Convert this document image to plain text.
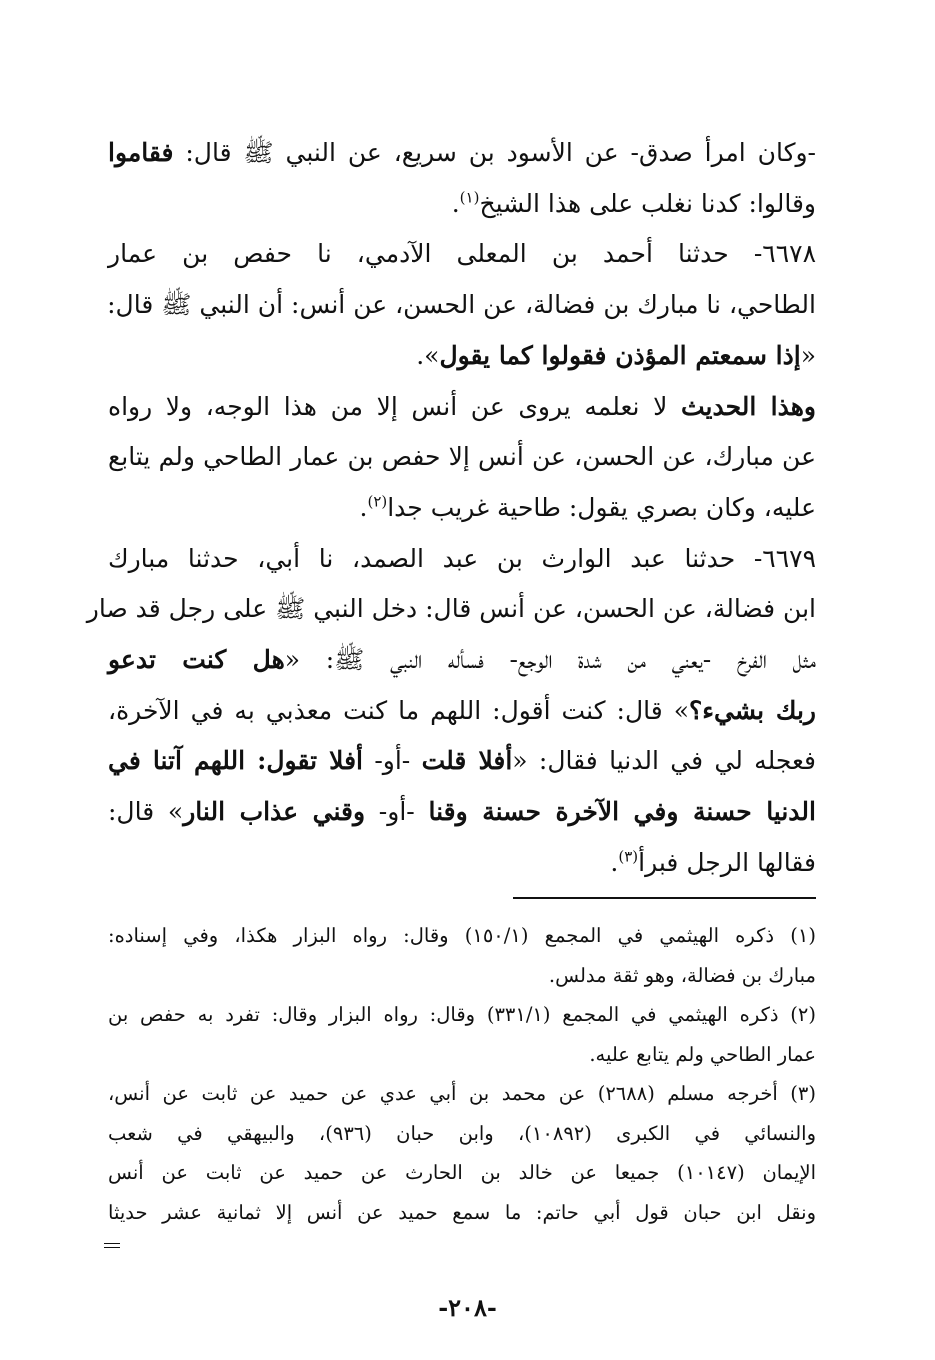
-وكان امرأ صدق- عن الأسود بن سريع، عن النبي ﷺ قال: فقاموا
وقالوا: كدنا نغلب على هذا الشيخ$^{(١)}$.
٦٦٧٨- حدثنا أحمد بن المعلى الآدمي، نا حفص بن عمار
الطاحي، نا مبارك بن فضالة، عن الحسن، عن أنس: أن النبي ﷺ قال:
«إذا سمعتم المؤذن فقولوا كما يقول».
وهذا الحديث لا نعلمه يروى عن أنس إلا من هذا الوجه، ولا رواه
عن مبارك، عن الحسن، عن أنس إلا حفص بن عمار الطاحي ولم يتابع
عليه، وكان بصري يقول: طاحية غريب جدا$^{(٢)}$.
٦٦٧٩- حدثنا عبد الوارث بن عبد الصمد، نا أبي، حدثنا مبارك
ابن فضالة، عن الحسن، عن أنس قال: دخل النبي ﷺ على رجل قد صار
مثل الفرخ -يعني من شدة الوجع- فسأله النبي ﷺ: «هل كنت تدعو
ربك بشيء؟» قال: كنت أقول: اللهم ما كنت معذبي به في الآخرة،
فعجله لي في الدنيا فقال: «أفلا قلت -أو- أفلا تقول: اللهم آتنا في
الدنيا حسنة وفي الآخرة حسنة وقنا -أو- وقني عذاب النار» قال:
فقالها الرجل فبرأ$^{(٣)}$.
(١) ذكره الهيثمي في المجمع (١٥٠/١) وقال: رواه البزار هكذا، وفي إسناده:
مبارك بن فضالة، وهو ثقة مدلس.
(٢) ذكره الهيثمي في المجمع (٣٣١/١) وقال: رواه البزار وقال: تفرد به حفص بن
عمار الطاحي ولم يتابع عليه.
(٣) أخرجه مسلم (٢٦٨٨) عن محمد بن أبي عدي عن حميد عن ثابت عن أنس،
والنسائي في الكبرى (١٠٨٩٢)، وابن حبان (٩٣٦)، والبيهقي في شعب
الإيمان (١٠١٤٧) جميعا عن خالد بن الحارث عن حميد عن ثابت عن أنس
ونقل ابن حبان قول أبي حاتم: ما سمع حميد عن أنس إلا ثمانية عشر حديثا
-٢٠٨-
